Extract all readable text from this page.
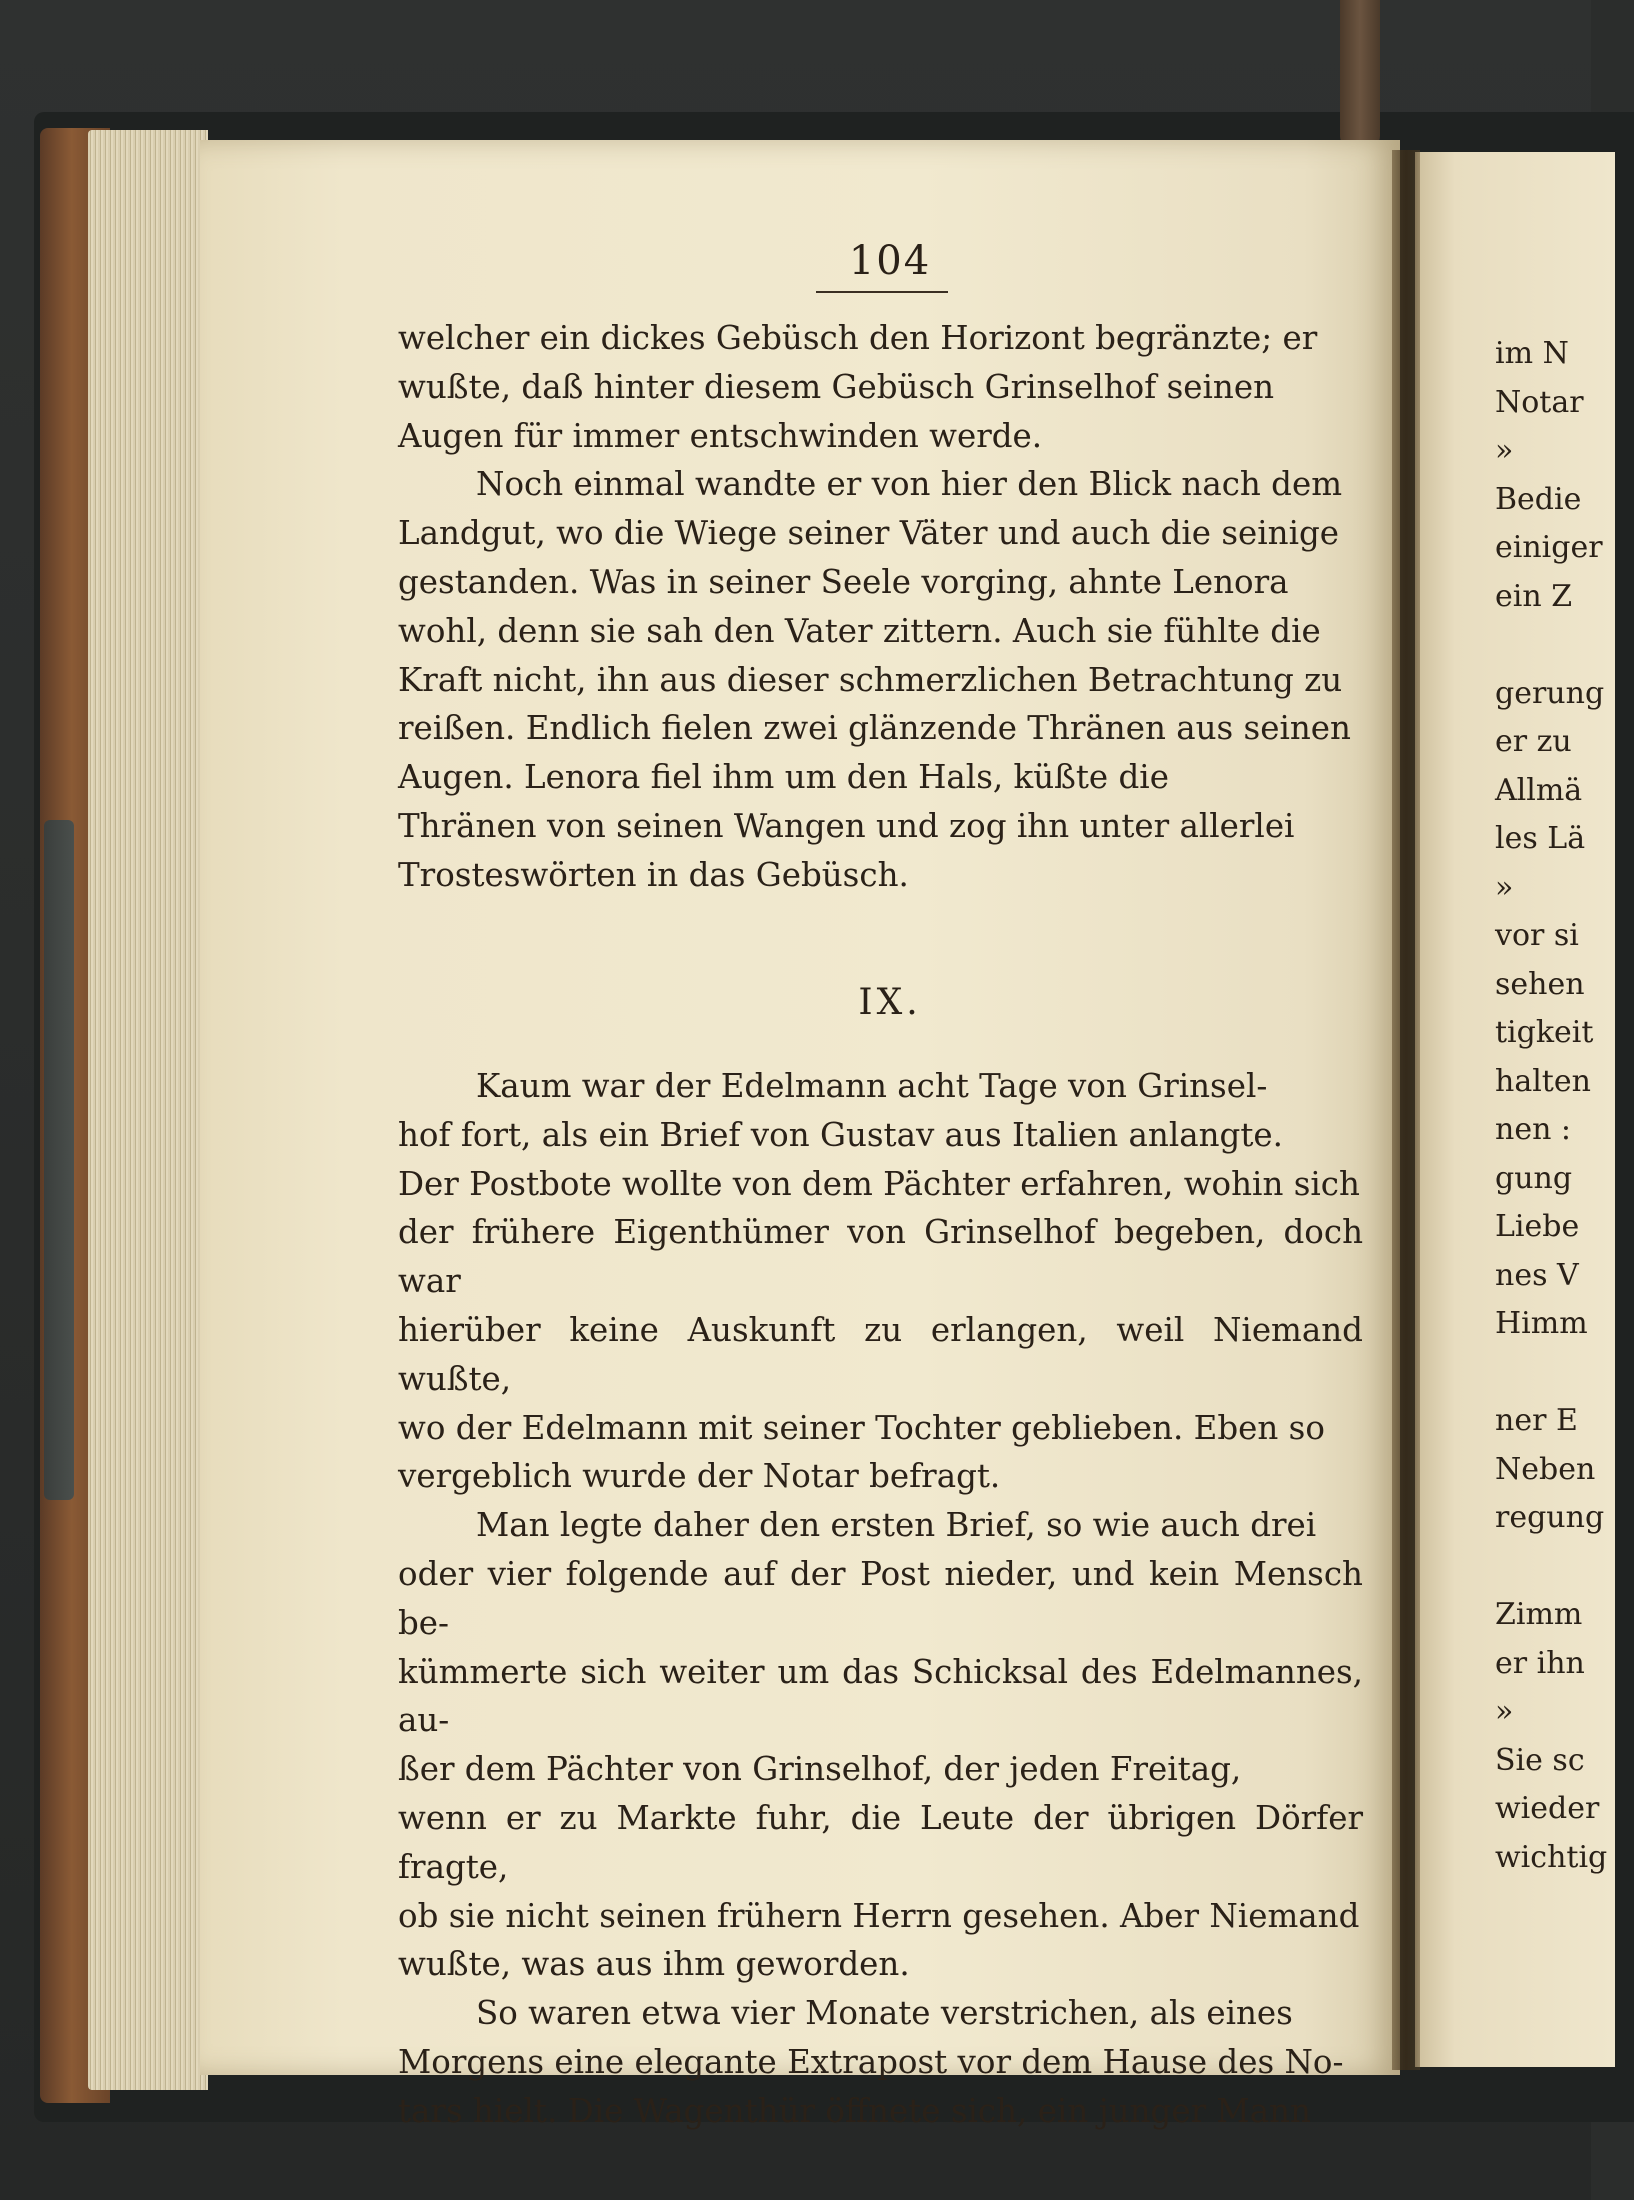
104

welcher ein dickes Gebüsch den Horizont begränzte; er
wußte, daß hinter diesem Gebüsch Grinselhof seinen
Augen für immer entschwinden werde.

Noch einmal wandte er von hier den Blick nach dem
Landgut, wo die Wiege seiner Väter und auch die seinige
gestanden. Was in seiner Seele vorging, ahnte Lenora
wohl, denn sie sah den Vater zittern. Auch sie fühlte die
Kraft nicht, ihn aus dieser schmerzlichen Betrachtung zu
reißen. Endlich fielen zwei glänzende Thränen aus seinen
Augen. Lenora fiel ihm um den Hals, küßte die
Thränen von seinen Wangen und zog ihn unter allerlei
Trosteswörten in das Gebüsch.

IX.

Kaum war der Edelmann acht Tage von Grinsel-
hof fort, als ein Brief von Gustav aus Italien anlangte.
Der Postbote wollte von dem Pächter erfahren, wohin sich
der frühere Eigenthümer von Grinselhof begeben, doch war
hierüber keine Auskunft zu erlangen, weil Niemand wußte,
wo der Edelmann mit seiner Tochter geblieben. Eben so
vergeblich wurde der Notar befragt.

Man legte daher den ersten Brief, so wie auch drei
oder vier folgende auf der Post nieder, und kein Mensch be-
kümmerte sich weiter um das Schicksal des Edelmannes, au-
ßer dem Pächter von Grinselhof, der jeden Freitag,
wenn er zu Markte fuhr, die Leute der übrigen Dörfer fragte,
ob sie nicht seinen frühern Herrn gesehen. Aber Niemand
wußte, was aus ihm geworden.

So waren etwa vier Monate verstrichen, als eines
Morgens eine elegante Extrapost vor dem Hause des No-
tars hielt. Die Wagenthür öffnete sich, ein junger Mann

im N
Notar
»
Bedie
einiger
ein Z
gerung
er zu
Allmä
les Lä
»
vor si
sehen
tigkeit
halten
nen :
gung
Liebe
nes V
Himm
ner E
Neben
regung
Zimm
er ihn
»
Sie sc
wieder
wichtig
